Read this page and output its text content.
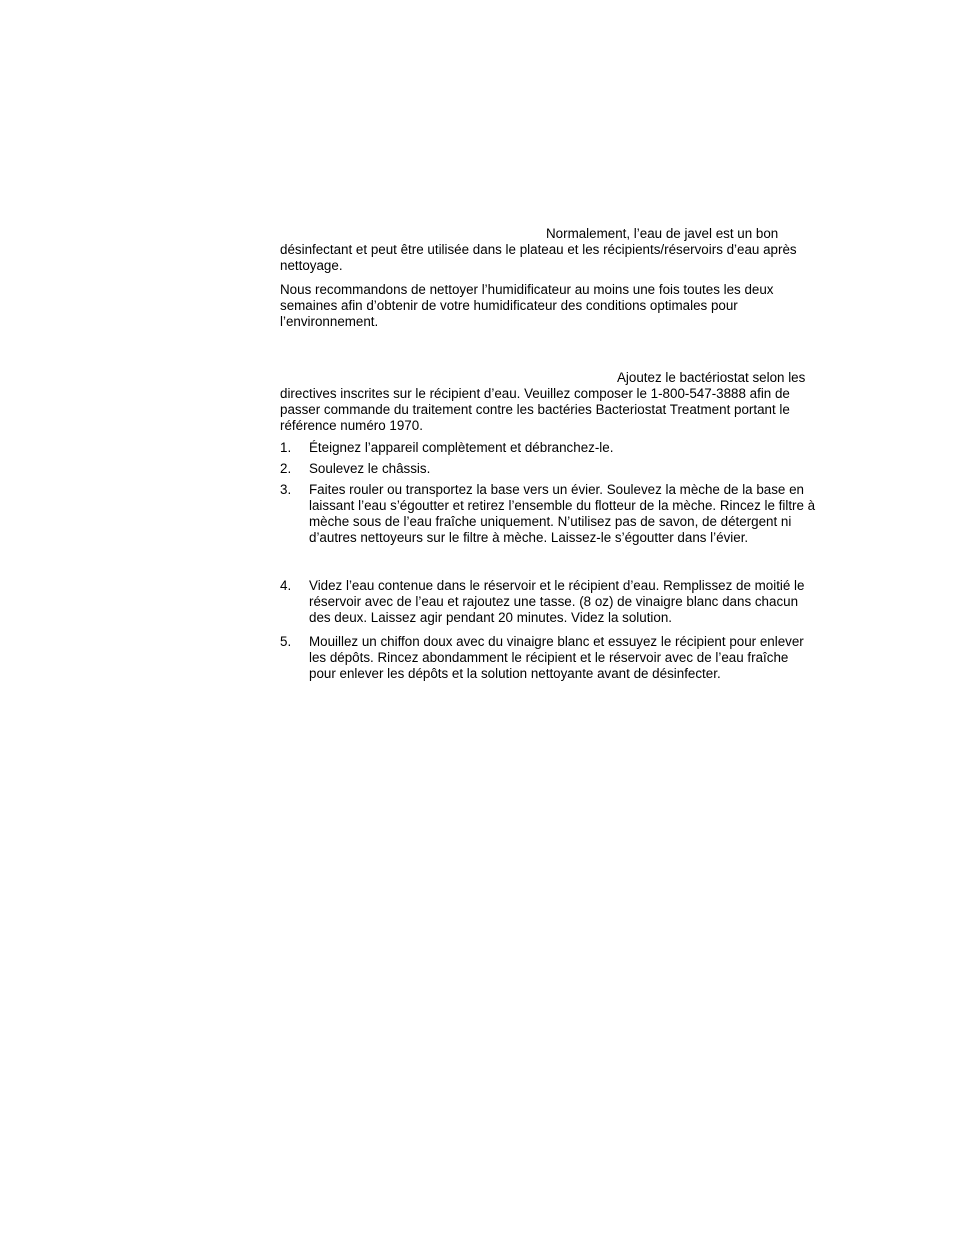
Normalement, l’eau de javel est un bon
désinfectant et peut être utilisée dans le plateau et les récipients/réservoirs d’eau après
nettoyage.

Nous recommandons de nettoyer l’humidificateur au moins une fois toutes les deux
semaines afin d’obtenir de votre humidificateur des conditions optimales pour
l’environnement.

Ajoutez le bactériostat selon les
directives inscrites sur le récipient d’eau. Veuillez composer le 1-800-547-3888 afin de
passer commande du traitement contre les bactéries Bacteriostat Treatment portant le
référence numéro 1970.

1.	Éteignez l’appareil complètement et débranchez-le.
2.	Soulevez le châssis.
3.	Faites rouler ou transportez la base vers un évier. Soulevez la mèche de la base en
laissant l’eau s’égoutter et retirez l’ensemble du flotteur de la mèche. Rincez le filtre à
mèche sous de l’eau fraîche uniquement. N’utilisez pas de savon, de détergent ni
d’autres nettoyeurs sur le filtre à mèche. Laissez-le s’égoutter dans l’évier.
4.	Videz l’eau contenue dans le réservoir et le récipient d’eau. Remplissez de moitié le
réservoir avec de l’eau et rajoutez une tasse. (8 oz) de vinaigre blanc dans chacun
des deux. Laissez agir pendant 20 minutes. Videz la solution.
5.	Mouillez un chiffon doux avec du vinaigre blanc et essuyez le récipient pour enlever
les dépôts. Rincez abondamment le récipient et le réservoir avec de l’eau fraîche
pour enlever les dépôts et la solution nettoyante avant de désinfecter.
